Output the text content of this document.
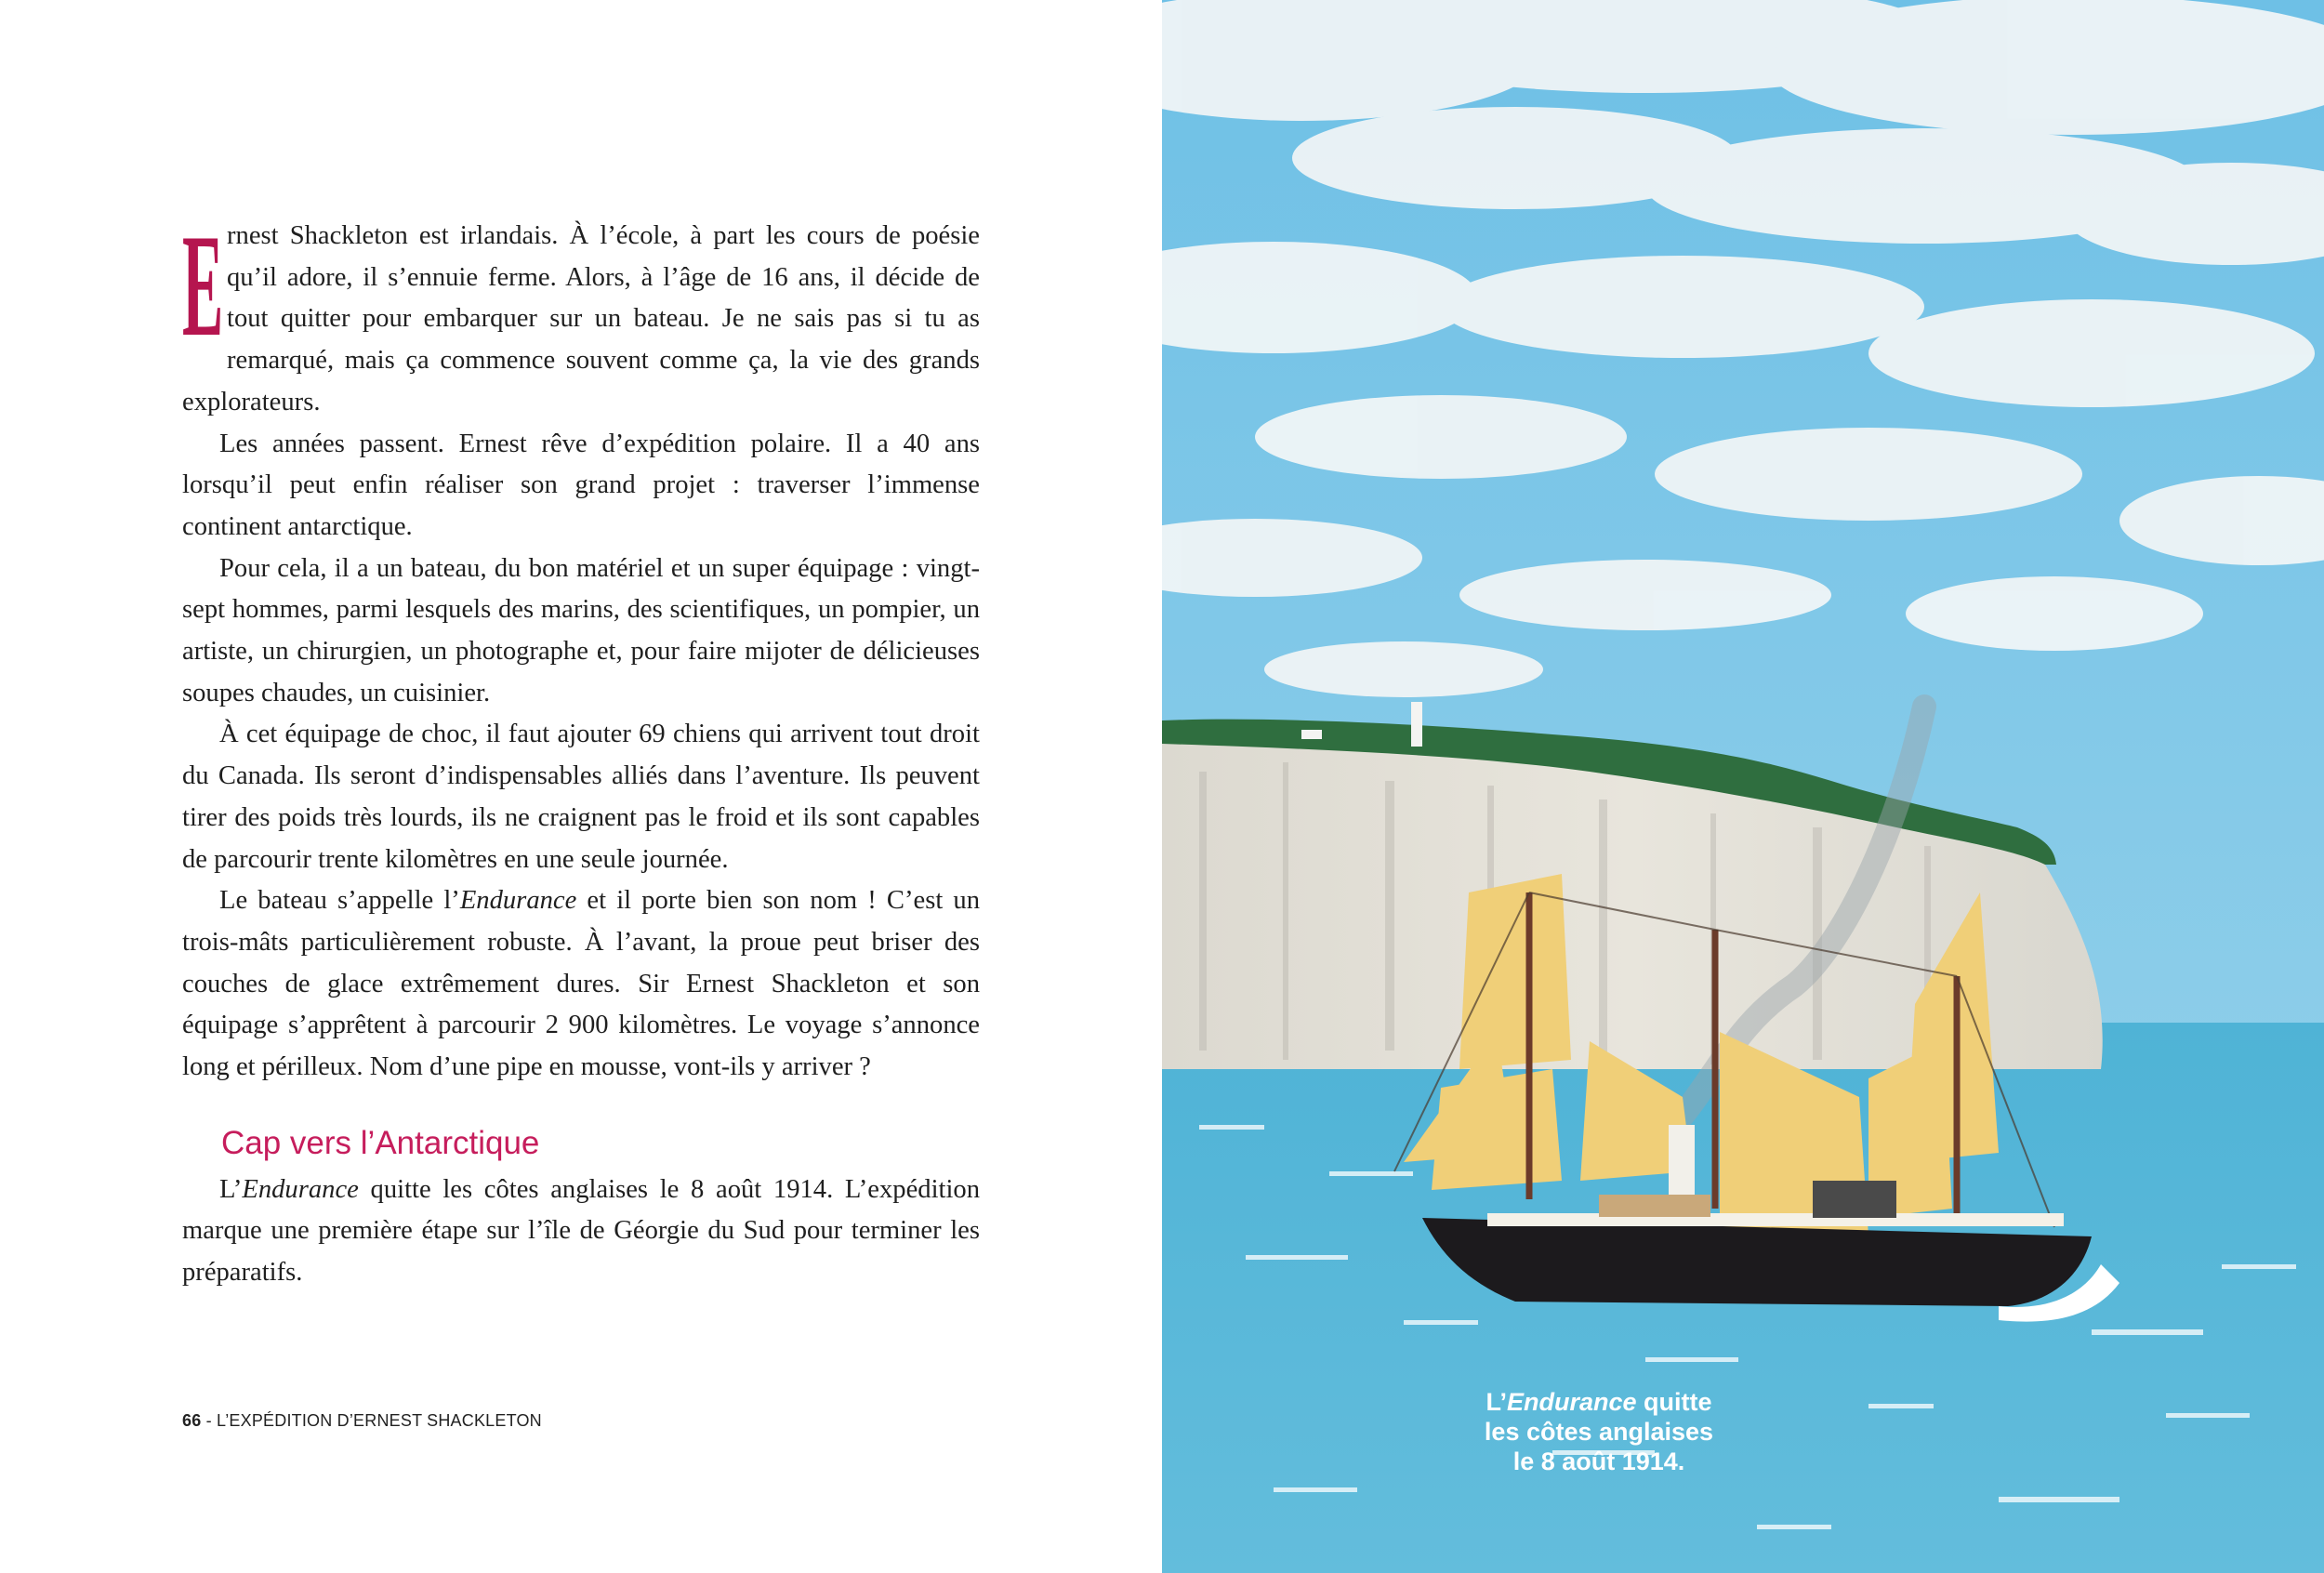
Ernest Shackleton est irlandais. À l’école, à part les cours de poésie qu’il adore, il s’ennuie ferme. Alors, à l’âge de 16 ans, il décide de tout quitter pour embarquer sur un bateau. Je ne sais pas si tu as remarqué, mais ça commence souvent comme ça, la vie des grands explorateurs.

Les années passent. Ernest rêve d’expédition polaire. Il a 40 ans lorsqu’il peut enfin réaliser son grand projet : traverser l’immense continent antarctique.

Pour cela, il a un bateau, du bon matériel et un super équipage : vingt-sept hommes, parmi lesquels des marins, des scientifiques, un pompier, un artiste, un chirurgien, un photographe et, pour faire mijoter de délicieuses soupes chaudes, un cuisinier.

À cet équipage de choc, il faut ajouter 69 chiens qui arrivent tout droit du Canada. Ils seront d’indispensables alliés dans l’aventure. Ils peuvent tirer des poids très lourds, ils ne craignent pas le froid et ils sont capables de parcourir trente kilomètres en une seule journée.

Le bateau s’appelle l’Endurance et il porte bien son nom ! C’est un trois-mâts particulièrement robuste. À l’avant, la proue peut briser des couches de glace extrêmement dures. Sir Ernest Shackleton et son équipage s’apprêtent à parcourir 2 900 kilomètres. Le voyage s’annonce long et périlleux. Nom d’une pipe en mousse, vont-ils y arriver ?

Cap vers l’Antarctique

L’Endurance quitte les côtes anglaises le 8 août 1914. L’expédition marque une première étape sur l’île de Géorgie du Sud pour terminer les préparatifs.

66 - L’EXPÉDITION D’ERNEST SHACKLETON
L’Endurance quitte
les côtes anglaises
le 8 août 1914.
